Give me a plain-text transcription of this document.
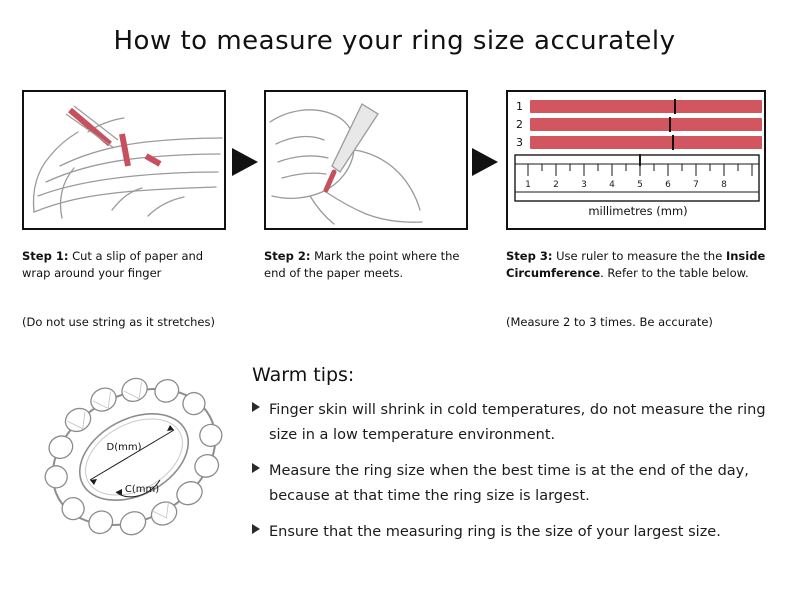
How to measure your ring size accurately
1
2
3
1 2 3 4 5 6 7 8
millimetres (mm)
Step 1: Cut a slip of paper and wrap around your finger
(Do not use string as it stretches)
Step 2: Mark the point where the end of the paper meets.
Step 3: Use ruler to measure the the Inside Circumference. Refer to the table below.
(Measure 2 to 3 times. Be accurate)
D(mm)
C(mm)
Warm tips:
Finger skin will shrink in cold temperatures, do not measure the ring size in a low temperature environment.
Measure the ring size when the best time is at the end of the day, because at that time the ring size is largest.
Ensure that the measuring ring is the size of your largest size.
